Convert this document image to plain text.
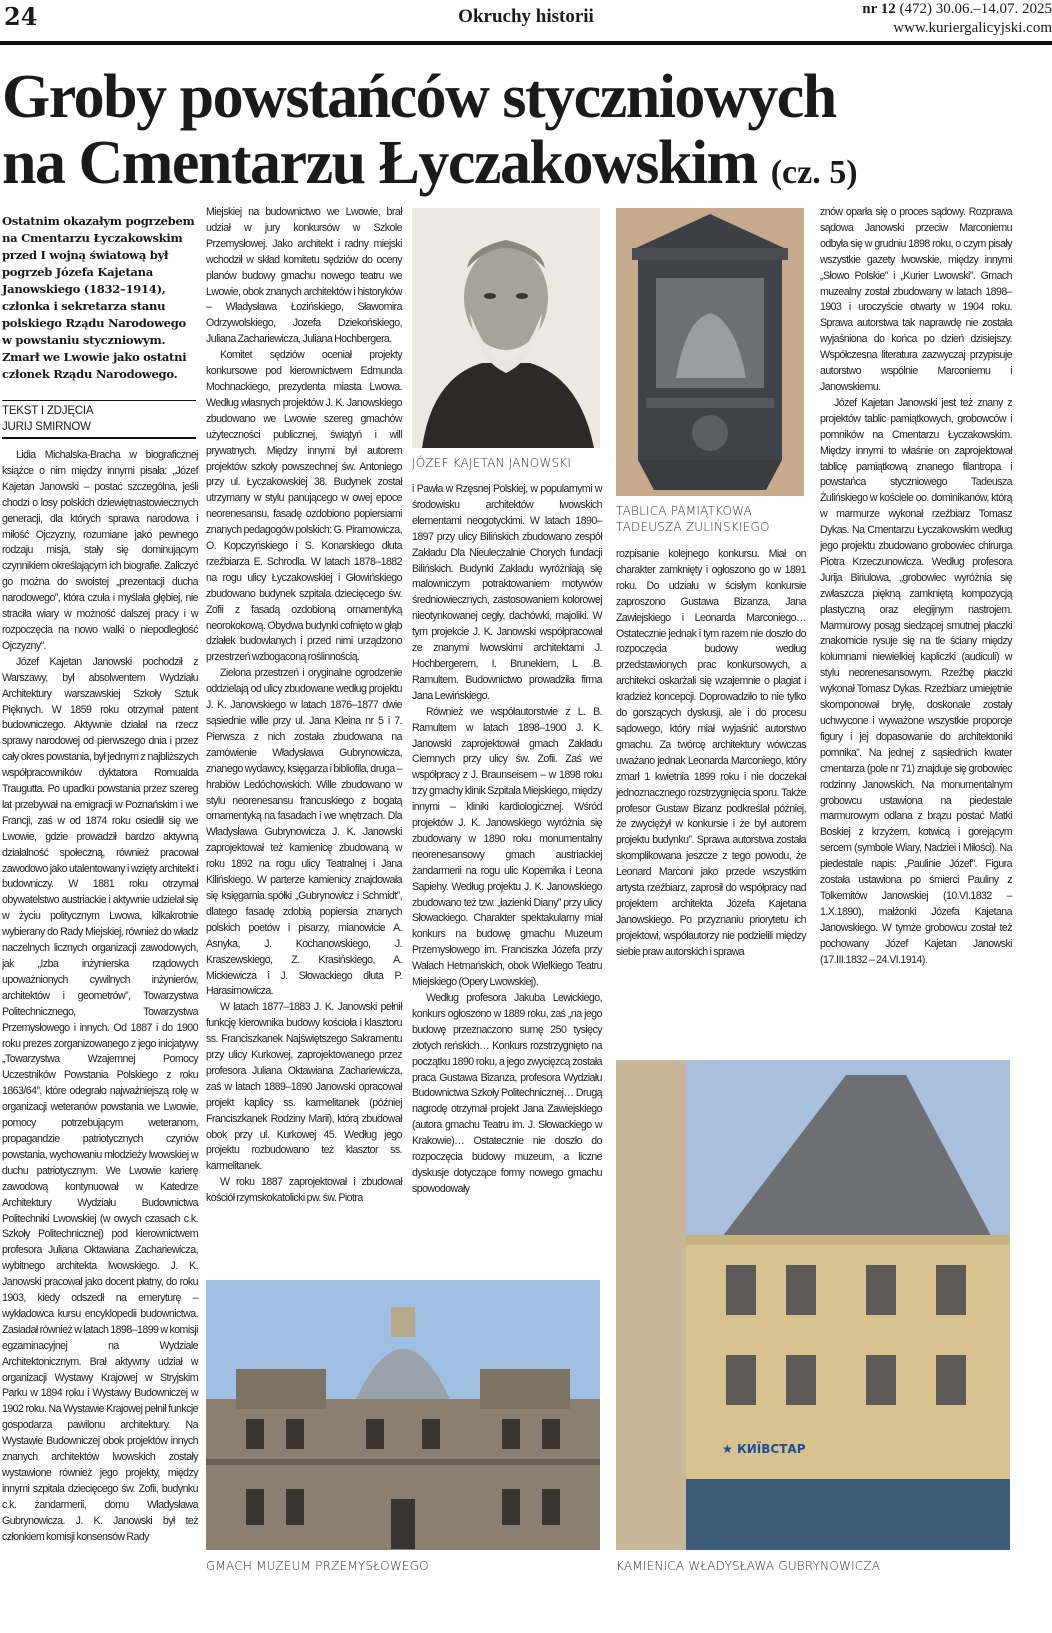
24	Okruchy historii	nr 12 (472) 30.06.–14.07. 2025
www.kuriergalicyjski.com
Groby powstańców styczniowych
na Cmentarzu Łyczakowskim (cz. 5)
Ostatnim okazałym pogrzebem na Cmentarzu Łyczakowskim przed I wojną światową był pogrzeb Józefa Kajetana Janowskiego (1832–1914), członka i sekretarza stanu polskiego Rządu Narodowego w powstaniu styczniowym. Zmarł we Lwowie jako ostatni członek Rządu Narodowego.
TEKST I ZDJĘCIA
JURIJ SMIRNOW

Lidia Michalska-Bracha w biograficznej książce o nim między innymi pisała: „Józef Kajetan Janowski – postać szczególna, jeśli chodzi o losy polskich dziewiętnastowiecznych generacji, dla których sprawa narodowa i miłość Ojczyzny, rozumiane jako pewnego rodzaju misja, stały się dominującym czynnikiem określającym ich biografie. Zaliczyć go można do swoistej „prezentacji ducha narodowego”, która czuła i myślała głębiej, nie straciła wiary w możność dalszej pracy i w rozpoczęcia na nowo walki o niepodległość Ojczyzny”.

Józef Kajetan Janowski pochodził z Warszawy, był absolwentem Wydziału Architektury warszawskiej Szkoły Sztuk Pięknych. W 1859 roku otrzymał patent budowniczego. Aktywnie działał na rzecz sprawy narodowej od pierwszego dnia i przez cały okres powstania, był jednym z najbliższych współpracowników dyktatora Romualda Traugutta. Po upadku powstania przez szereg lat przebywał na emigracji w Poznańskim i we Francji, zaś w od 1874 roku osiedlił się we Lwowie, gdzie prowadził bardzo aktywną działalność społeczną, również pracował zawodowo jako utalentowany i wzięty architekt i budowniczy. W 1881 roku otrzymał obywatelstwo austriackie i aktywnie udzielał się w życiu politycznym Lwowa, kilkakrotnie wybierany do Rady Miejskiej, również do władz naczelnych licznych organizacji zawodowych, jak „Izba inżynierska rządowych upoważnionych cywilnych inżynierów, architektów i geometrów”, Towarzystwa Politechnicznego, Towarzystwa Przemysłowego i innych. Od 1887 i do 1900 roku prezes zorganizowanego z jego inicjatywy „Towarzystwa Wzajemnej Pomocy Uczestników Powstania Polskiego z roku 1863/64”, które odegrało najważniejszą rolę w organizacji weteranów powstania we Lwowie, pomocy potrzebującym weteranom, propagandzie patriotycznych czynów powstania, wychowaniu młodzieży lwowskiej w duchu patriotycznym. We Lwowie karierę zawodową kontynuował w Katedrze Architektury Wydziału Budownictwa Politechniki Lwowskiej (w owych czasach c.k. Szkoły Politechnicznej) pod kierownictwem profesora Juliana Oktawiana Zachariewicza, wybitnego architekta lwowskiego. J. K. Janowski pracował jako docent płatny, do roku 1903, kiedy odszedł na emeryturę – wykładowca kursu encyklopedii budownictwa. Zasiadał również w latach 1898–1899 w komisji egzaminacyjnej na Wydziale Architektonicznym. Brał aktywny udział w organizacji Wystawy Krajowej w Stryjskim Parku w 1894 roku i Wystawy Budowniczej w 1902 roku. Na Wystawie Krajowej pełnił funkcje gospodarza pawilonu architektury. Na Wystawie Budowniczej obok projektów innych znanych architektów lwowskich zostały wystawione również jego projekty, między innymi szpitala dziecięcego św. Zofii, budynku c.k. żandarmerii, domu Władysława Gubrynowicza. J. K. Janowski był też członkiem komisji konsensów Rady

Miejskiej na budownictwo we Lwowie, brał udział w jury konkursów w Szkole Przemysłowej. Jako architekt i radny miejski wchodził w skład komitetu sędziów do oceny planów budowy gmachu nowego teatru we Lwowie, obok znanych architektów i historyków – Władysława Łozińskiego, Sławomira Odrzywolskiego, Jozefa Dziekońskiego, Juliana Zachariewicza, Juliana Hochbergera.

Komitet sędziów oceniał projekty konkursowe pod kierownictwem Edmunda Mochnackiego, prezydenta miasta Lwowa. Według własnych projektów J. K. Janowskiego zbudowano we Lwowie szereg gmachów użyteczności publicznej, świątyń i will prywatnych. Między innymi był autorem projektów szkoły powszechnej św. Antoniego przy ul. Łyczakowskiej 38. Budynek został utrzymany w stylu panującego w owej epoce neorenesansu, fasadę ozdobiono popiersiami znanych pedagogów polskich: G. Piramowicza, O. Kopczyńskiego i S. Konarskiego dłuta rzeźbiarza E. Schrodla. W latach 1878–1882 na rogu ulicy Łyczakowskiej i Głowińskiego zbudowano budynek szpitala dziecięcego św. Zofii z fasadą ozdobioną ornamentyką neorokokową. Obydwa budynki cofnięto w głąb działek budowlanych i przed nimi urządzono przestrzeń wzbogaconą roślinnością.

Zielona przestrzeń i oryginalne ogrodzenie oddzielają od ulicy zbudowane według projektu J. K. Janowskiego w latach 1876–1877 dwie sąsiednie wille przy ul. Jana Kleina nr 5 i 7. Pierwsza z nich została zbudowana na zamówienie Władysława Gubrynowicza, znanego wydawcy, księgarza i bibliofila, druga – hrabiów Ledóchowskich. Wille zbudowano w stylu neorenesansu francuskiego z bogatą ornamentyką na fasadach i we wnętrzach. Dla Władysława Gubrynowicza J. K. Janowski zaprojektował też kamienicę zbudowaną w roku 1892 na rogu ulicy Teatralnej i Jana Kilińskiego. W parterze kamienicy znajdowała się księgarnia spółki „Gubrynowicz i Schmidt”, dlatego fasadę zdobią popiersia znanych polskich poetów i pisarzy, mianowicie A. Asnyka, J. Kochanowskiego, J. Kraszewskiego, Z. Krasińskiego, A. Mickiewicza i J. Słowackiego dłuta P. Harasimowicza.

W latach 1877–1883 J. K. Janowski pełnił funkcję kierownika budowy kościoła i klasztoru ss. Franciszkanek Najświętszego Sakramentu przy ulicy Kurkowej, zaprojektowanego przez profesora Juliana Oktawiana Zachariewicza, zaś w latach 1889–1890 Janowski opracował projekt kaplicy ss. karmelitanek (później Franciszkanek Rodziny Marii), którą zbudował obok przy ul. Kurkowej 45. Według jego projektu rozbudowano też klasztor ss. karmelitanek.

W roku 1887 zaprojektował i zbudował kościół rzymskokatolicki pw. św. Piotra

JÓZEF KAJETAN JANOWSKI

i Pawła w Rzęsnej Polskiej, w popularnymi w środowisku architektów lwowskich elementami neogotyckimi. W latach 1890–1897 przy ulicy Bilińskich zbudowano zespół Zakładu Dla Nieuleczalnie Chorych fundacji Bilińskich. Budynki Zakładu wyróżniają się malowniczym potraktowaniem motywów średniowiecznych, zastosowaniem kolorowej nieotynkowanej cegły, dachówki, majoliki. W tym projekcie J. K. Janowski współpracował ze znanymi lwowskimi architektami J. Hochbergerem, I. Brunekiem, L .B. Ramultem. Budownictwo prowadziła firma Jana Lewińskiego.

Również we współautorstwie z L. B. Ramultem w latach 1898–1900 J. K. Janowski zaprojektował gmach Zakładu Ciemnych przy ulicy św. Zofii. Zaś we współpracy z J. Braunseisem – w 1898 roku trzy gmachy klinik Szpitala Miejskiego, między innymi – kliniki kardiologicznej. Wśród projektów J. K. Janowskiego wyróżnia się zbudowany w 1890 roku monumentalny neorenesansowy gmach austriackiej żandarmerii na rogu ulic Kopernika i Leona Sapiehy. Według projektu J. K. Janowskiego zbudowano też tzw. „łazienki Diany” przy ulicy Słowackiego. Charakter spektakularny miał konkurs na budowę gmachu Muzeum Przemysłowego im. Franciszka Józefa przy Wałach Hetmańskich, obok Wielkiego Teatru Miejskiego (Opery Lwowskiej).

Według profesora Jakuba Lewickiego, konkurs ogłoszono w 1889 roku, zaś „na jego budowę przeznaczono sumę 250 tysięcy złotych reńskich… Konkurs rozstrzygnięto na początku 1890 roku, a jego zwycięzcą została praca Gustawa Bizanza, profesora Wydziału Budownictwa Szkoły Politechnicznej… Drugą nagrodę otrzymał projekt Jana Zawiejskiego (autora gmachu Teatru im. J. Słowackiego w Krakowie)… Ostatecznie nie doszło do rozpoczęcia budowy muzeum, a liczne dyskusje dotyczące formy nowego gmachu spowodowały

TABLICA PAMIĄTKOWA
TADEUSZA ŻULIŃSKIEGO

rozpisanie kolejnego konkursu. Miał on charakter zamknięty i ogłoszono go w 1891 roku. Do udziału w ścisłym konkursie zaproszono Gustawa Bizanza, Jana Zawiejskiego i Leonarda Marconiego… Ostatecznie jednak i tym razem nie doszło do rozpoczęcia budowy według przedstawionych prac konkursowych, a architekci oskarżali się wzajemnie o plagiat i kradzież koncepcji. Doprowadziło to nie tylko do gorszących dyskusji, ale i do procesu sądowego, który miał wyjaśnić autorstwo gmachu. Za twórcę architektury wówczas uważano jednak Leonarda Marconiego, który zmarł 1 kwietnia 1899 roku i nie doczekał jednoznacznego rozstrzygnięcia sporu. Także profesor Gustaw Bizanz podkreślał później, że zwyciężył w konkursie i że był autorem projektu budynku”. Sprawa autorstwa została skomplikowana jeszcze z tego powodu, że Leonard Marconi jako przede wszystkim artysta rzeźbiarz, zaprosił do współpracy nad projektem architekta Józefa Kajetana Janowskiego. Po przyznaniu priorytetu ich projektowi, współautorzy nie podzielili między siebie praw autorskich i sprawa

znów oparła się o proces sądowy. Rozprawa sądowa Janowski przeciw Marconiemu odbyła się w grudniu 1898 roku, o czym pisały wszystkie gazety lwowskie, między innymi „Słowo Polskie” i „Kurier Lwowski”. Gmach muzealny został zbudowany w latach 1898–1903 i uroczyście otwarty w 1904 roku. Sprawa autorstwa tak naprawdę nie została wyjaśniona do końca po dzień dzisiejszy. Współczesna literatura zazwyczaj przypisuje autorstwo wspólnie Marconiemu i Janowskiemu.

Józef Kajetan Janowski jest też znany z projektów tablic pamiątkowych, grobowców i pomników na Cmentarzu Łyczakowskim. Między innymi to właśnie on zaprojektował tablicę pamiątkową znanego filantropa i powstańca styczniowego Tadeusza Żulińskiego w kościele oo. dominikanów, którą w marmurze wykonał rzeźbiarz Tomasz Dykas. Na Cmentarzu Łyczakowskim według jego projektu zbudowano grobowiec chirurga Piotra Krzeczunowicza. Według profesora Jurija Biriulowa, „grobowiec wyróżnia się zwłaszcza piękną zamkniętą kompozycją plastyczną oraz elegijnym nastrojem. Marmurowy posąg siedzącej smutnej płaczki znakomicie rysuje się na tle ściany między kolumnami niewielkiej kapliczki (audiculi) w stylu neorenesansowym. Rzeźbę płaczki wykonał Tomasz Dykas. Rzeźbiarz umiejętnie skomponował bryłę, doskonale zostały uchwycone i wyważone wszystkie proporcje figury i jej dopasowanie do architektoniki pomnika”. Na jednej z sąsiednich kwater cmentarza (pole nr 71) znajduje się grobowiec rodzinny Janowskich. Na monumentalnym grobowcu ustawiona na piedestale marmurowym odlana z brązu postać Matki Boskiej z krzyżem, kotwicą i gorejącym sercem (symbole Wiary, Nadziei i Miłości). Na piedestale napis: „Paulinie Józef”. Figura została ustawiona po śmierci Pauliny z Tolkemitów Janowskiej (10.VI.1832 – 1.X.1890), małżonki Józefa Kajetana Janowskiego. W tymże grobowcu został też pochowany Józef Kajetan Janowski (17.III.1832 – 24.VI.1914).

GMACH MUZEUM PRZEMYSŁOWEGO
★ КИЇВСТАР
KAMIENICA WŁADYSŁAWA GUBRYNOWICZA
